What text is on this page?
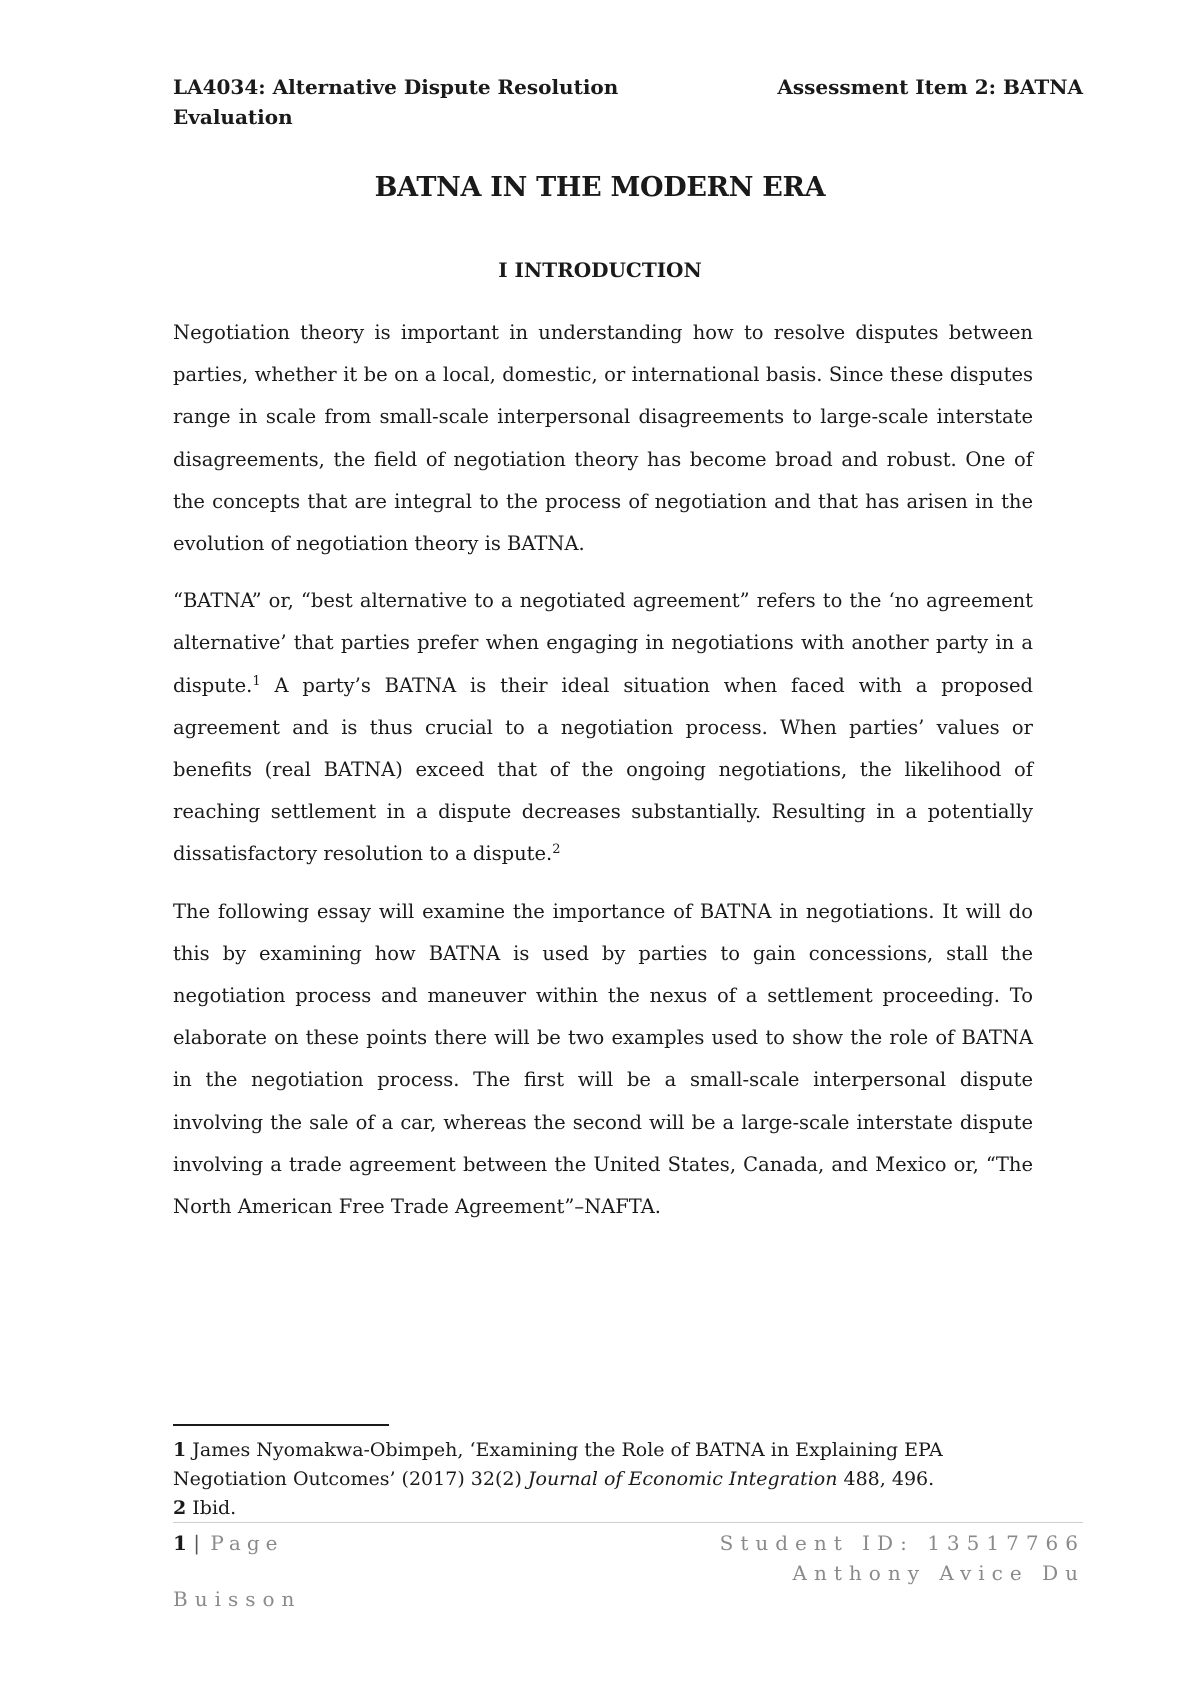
LA4034: Alternative Dispute Resolution
Evaluation
Assessment Item 2: BATNA
BATNA IN THE MODERN ERA
I INTRODUCTION

Negotiation theory is important in understanding how to resolve disputes between parties, whether it be on a local, domestic, or international basis. Since these disputes range in scale from small-scale interpersonal disagreements to large-scale interstate disagreements, the field of negotiation theory has become broad and robust. One of the concepts that are integral to the process of negotiation and that has arisen in the evolution of negotiation theory is BATNA.

“BATNA” or, “best alternative to a negotiated agreement” refers to the ‘no agreement alternative’ that parties prefer when engaging in negotiations with another party in a dispute.$^1$ A party’s BATNA is their ideal situation when faced with a proposed agreement and is thus crucial to a negotiation process. When parties’ values or benefits (real BATNA) exceed that of the ongoing negotiations, the likelihood of reaching settlement in a dispute decreases substantially. Resulting in a potentially dissatisfactory resolution to a dispute.$^2$

The following essay will examine the importance of BATNA in negotiations. It will do this by examining how BATNA is used by parties to gain concessions, stall the negotiation process and maneuver within the nexus of a settlement proceeding. To elaborate on these points there will be two examples used to show the role of BATNA in the negotiation process. The first will be a small-scale interpersonal dispute involving the sale of a car, whereas the second will be a large-scale interstate dispute involving a trade agreement between the United States, Canada, and Mexico or, “The North American Free Trade Agreement”–NAFTA.

1 James Nyomakwa-Obimpeh, ‘Examining the Role of BATNA in Explaining EPA Negotiation Outcomes’ (2017) 32(2) Journal of Economic Integration 488, 496.
2 Ibid.
1 | Page	Student ID: 13517766
Anthony Avice Du
Buisson
